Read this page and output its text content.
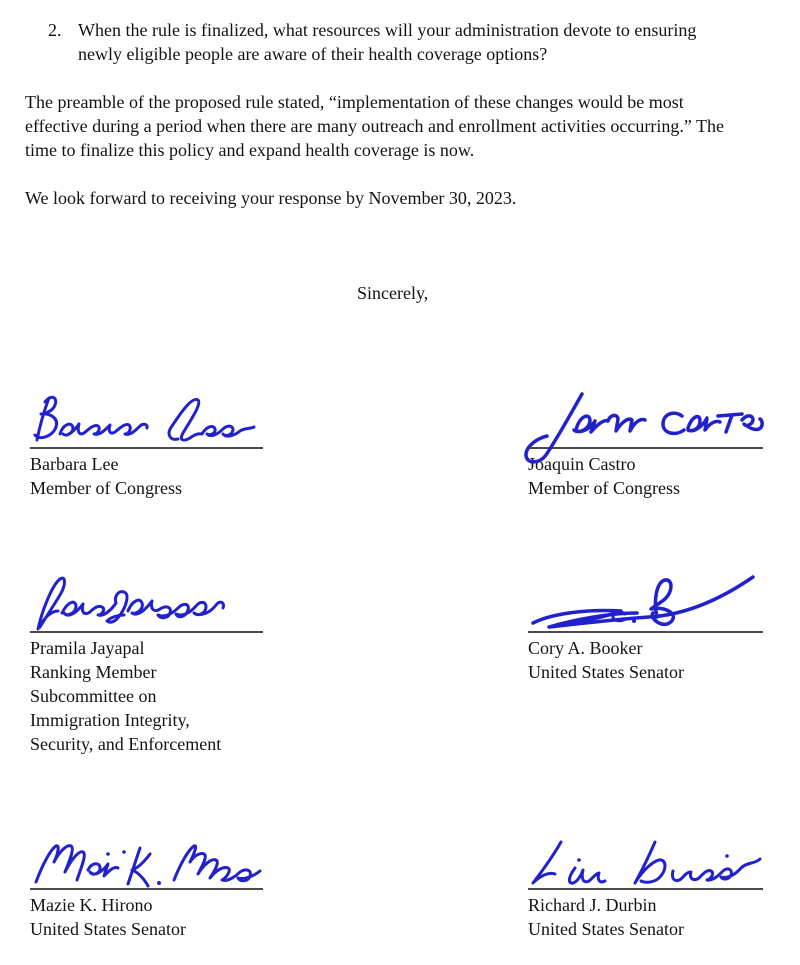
2. When the rule is finalized, what resources will your administration devote to ensuring
newly eligible people are aware of their health coverage options?
The preamble of the proposed rule stated, “implementation of these changes would be most
effective during a period when there are many outreach and enrollment activities occurring.” The
time to finalize this policy and expand health coverage is now.
We look forward to receiving your response by November 30, 2023.
Sincerely,
Barbara Lee
Member of Congress
Joaquin Castro
Member of Congress
Pramila Jayapal
Ranking Member
Subcommittee on
Immigration Integrity,
Security, and Enforcement
Cory A. Booker
United States Senator
Mazie K. Hirono
United States Senator
Richard J. Durbin
United States Senator
